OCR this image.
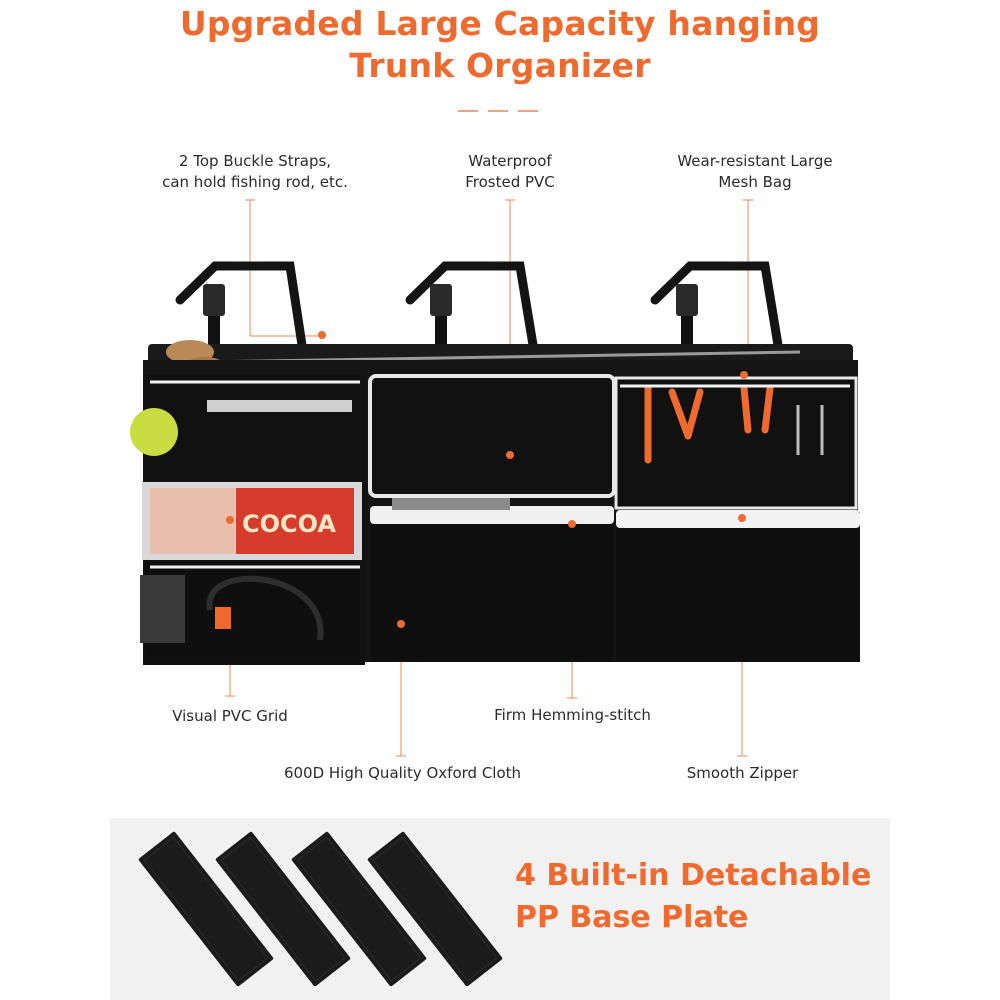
Upgraded Large Capacity hanging
Trunk Organizer
COCOA
2 Top Buckle Straps,
can hold fishing rod, etc.
Waterproof
Frosted PVC
Wear-resistant Large
Mesh Bag
Visual PVC Grid	Firm Hemming-stitch
600D High Quality Oxford Cloth	Smooth Zipper
4 Built-in Detachable
PP Base Plate
